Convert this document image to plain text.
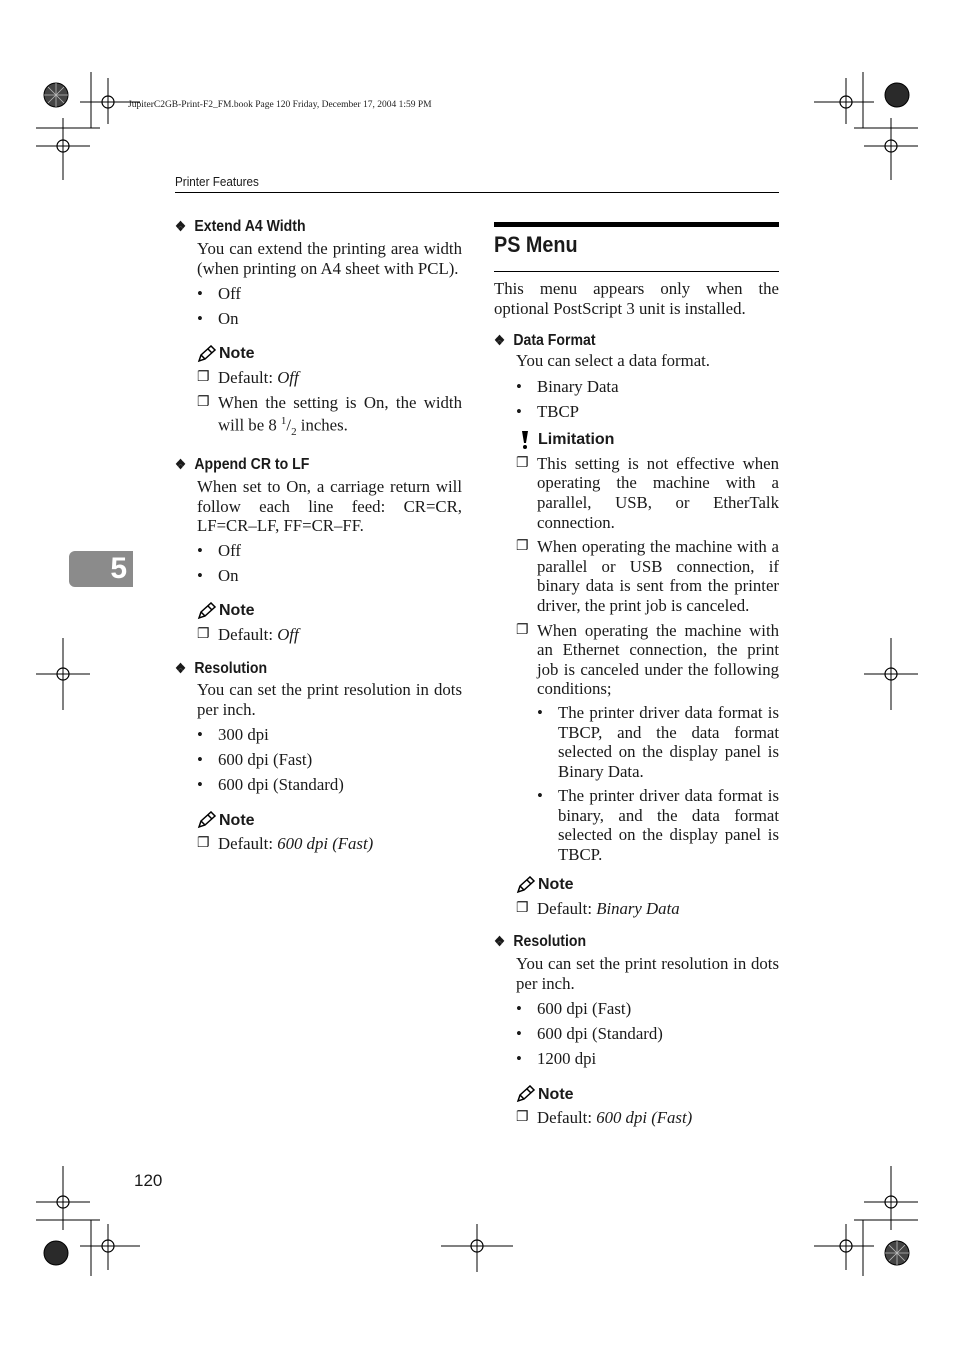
JupiterC2GB-Print-F2_FM.book Page 120 Friday, December 17, 2004 1:59 PM
Printer Features
5
120
❖ Extend A4 Width
You can extend the printing area width (when printing on A4 sheet with PCL).
• Off
• On
Note
❐ Default: Off
❐ When the setting is On, the width will be 8 $^1/_2$ inches.
❖ Append CR to LF
When set to On, a carriage return will follow each line feed: CR=CR, LF=CR–LF, FF=CR–FF.
• Off
• On
Note
❐ Default: Off
❖ Resolution
You can set the print resolution in dots per inch.
• 300 dpi
• 600 dpi (Fast)
• 600 dpi (Standard)
Note
❐ Default: 600 dpi (Fast)
PS Menu
This menu appears only when the optional PostScript 3 unit is installed.
❖ Data Format
You can select a data format.
• Binary Data
• TBCP
Limitation
❐ This setting is not effective when operating the machine with a parallel, USB, or EtherTalk connection.
❐ When operating the machine with a parallel or USB connection, if binary data is sent from the printer driver, the print job is canceled.
❐ When operating the machine with an Ethernet connection, the print job is canceled under the following conditions;
• The printer driver data format is TBCP, and the data format selected on the display panel is Binary Data.
• The printer driver data format is binary, and the data format selected on the display panel is TBCP.
Note
❐ Default: Binary Data
❖ Resolution
You can set the print resolution in dots per inch.
• 600 dpi (Fast)
• 600 dpi (Standard)
• 1200 dpi
Note
❐ Default: 600 dpi (Fast)
